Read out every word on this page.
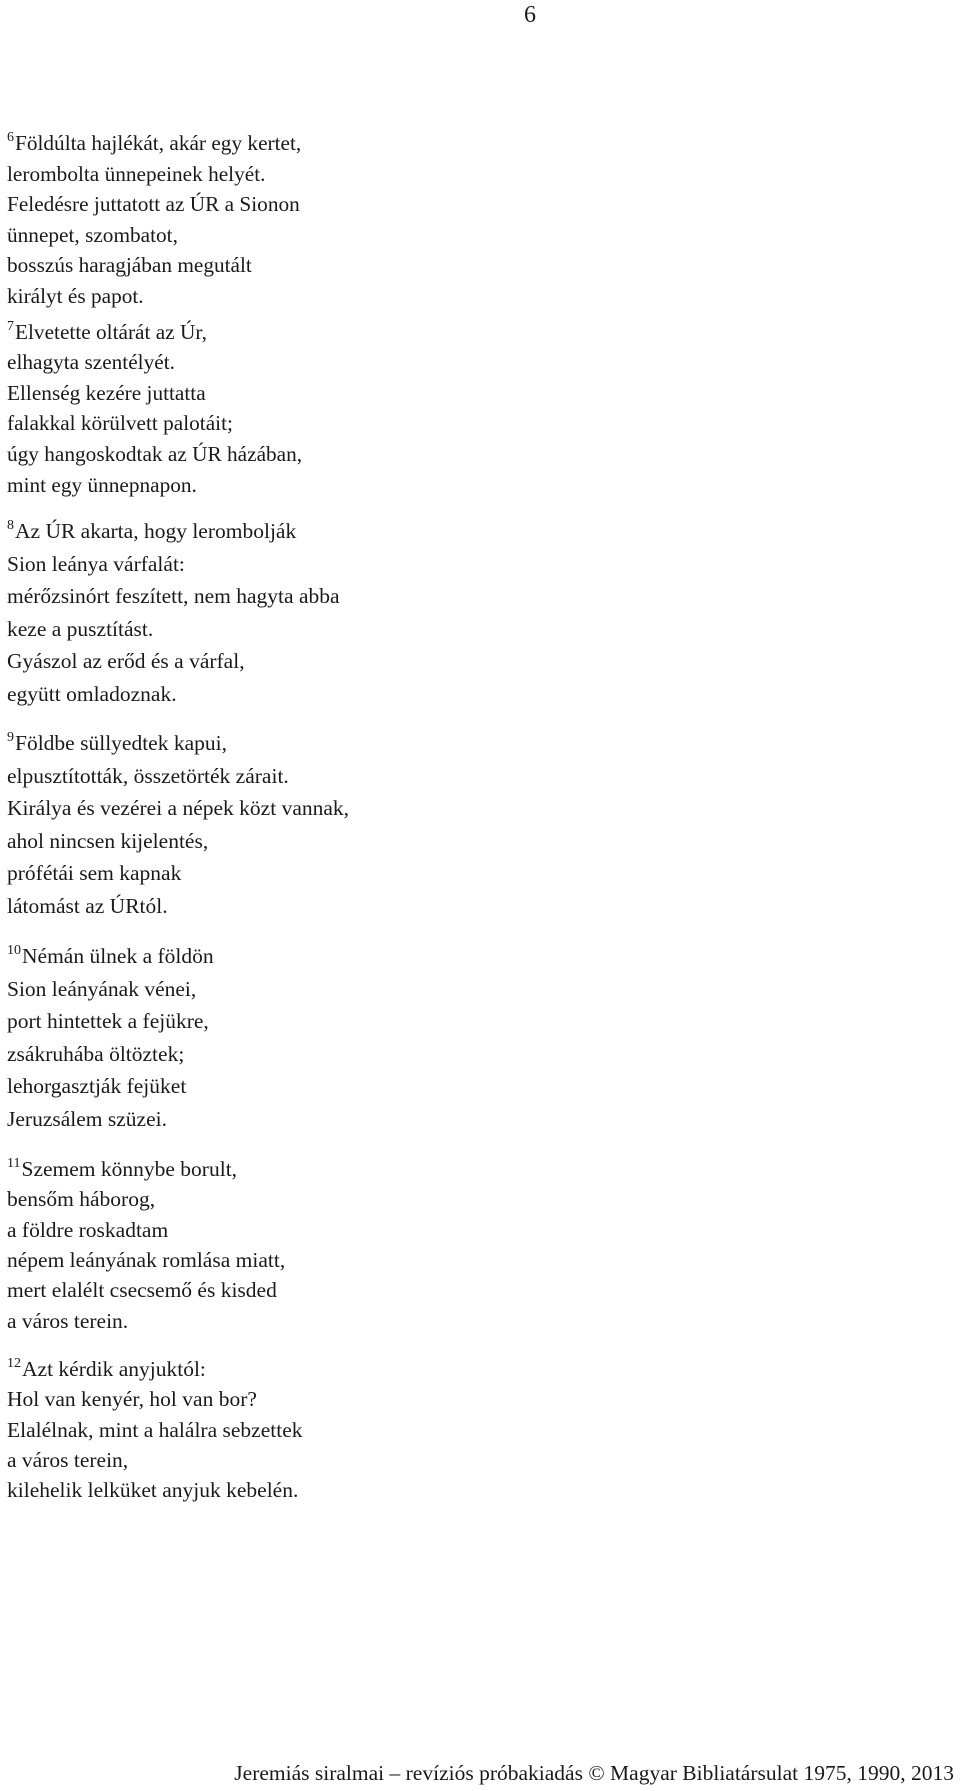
6
$^6$Földúlta hajlékát, akár egy kertet,
lerombolta ünnepeinek helyét.
Feledésre juttatott az ÚR a Sionon
ünnepet, szombatot,
bosszús haragjában megutált
királyt és papot.
$^7$Elvetette oltárát az Úr,
elhagyta szentélyét.
Ellenség kezére juttatta
falakkal körülvett palotáit;
úgy hangoskodtak az ÚR házában,
mint egy ünnepnapon.
$^8$Az ÚR akarta, hogy lerombolják
Sion leánya várfalát:
mérőzsinórt feszített, nem hagyta abba
keze a pusztítást.
Gyászol az erőd és a várfal,
együtt omladoznak.
$^9$Földbe süllyedtek kapui,
elpusztították, összetörték zárait.
Királya és vezérei a népek közt vannak,
ahol nincsen kijelentés,
prófétái sem kapnak
látomást az ÚRtól.
$^{10}$Némán ülnek a földön
Sion leányának vénei,
port hintettek a fejükre,
zsákruhába öltöztek;
lehorgasztják fejüket
Jeruzsálem szüzei.
$^{11}$Szemem könnybe borult,
bensőm háborog,
a földre roskadtam
népem leányának romlása miatt,
mert elalélt csecsemő és kisded
a város terein.
$^{12}$Azt kérdik anyjuktól:
Hol van kenyér, hol van bor?
Elalélnak, mint a halálra sebzettek
a város terein,
kilehelik lelküket anyjuk kebelén.
Jeremiás siralmai – revíziós próbakiadás © Magyar Bibliatársulat 1975, 1990, 2013
